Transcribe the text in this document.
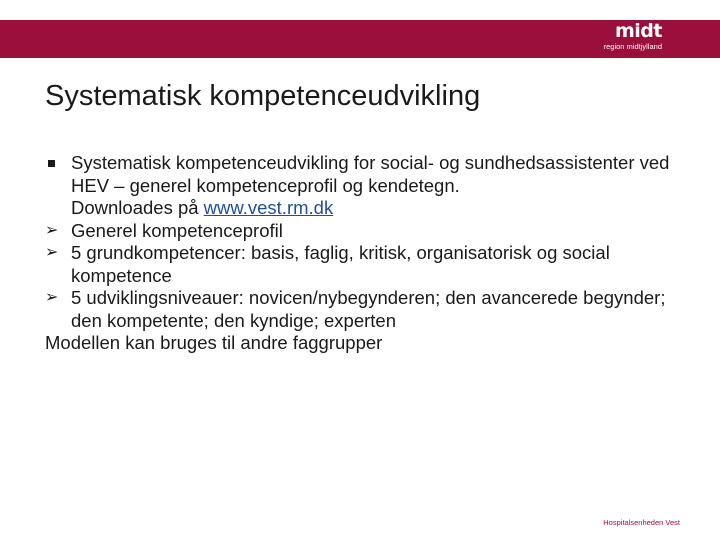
midt
region midtjylland
Systematisk kompetenceudvikling
Systematisk kompetenceudvikling for social- og sundhedsassistenter ved HEV – generel kompetenceprofil og kendetegn.
Downloades på www.vest.rm.dk
➢ Generel kompetenceprofil
➢ 5 grundkompetencer: basis, faglig, kritisk, organisatorisk og social kompetence
➢ 5 udviklingsniveauer: novicen/nybegynderen; den avancerede begynder; den kompetente; den kyndige; experten
Modellen kan bruges til andre faggrupper
Hospitalsenheden Vest
